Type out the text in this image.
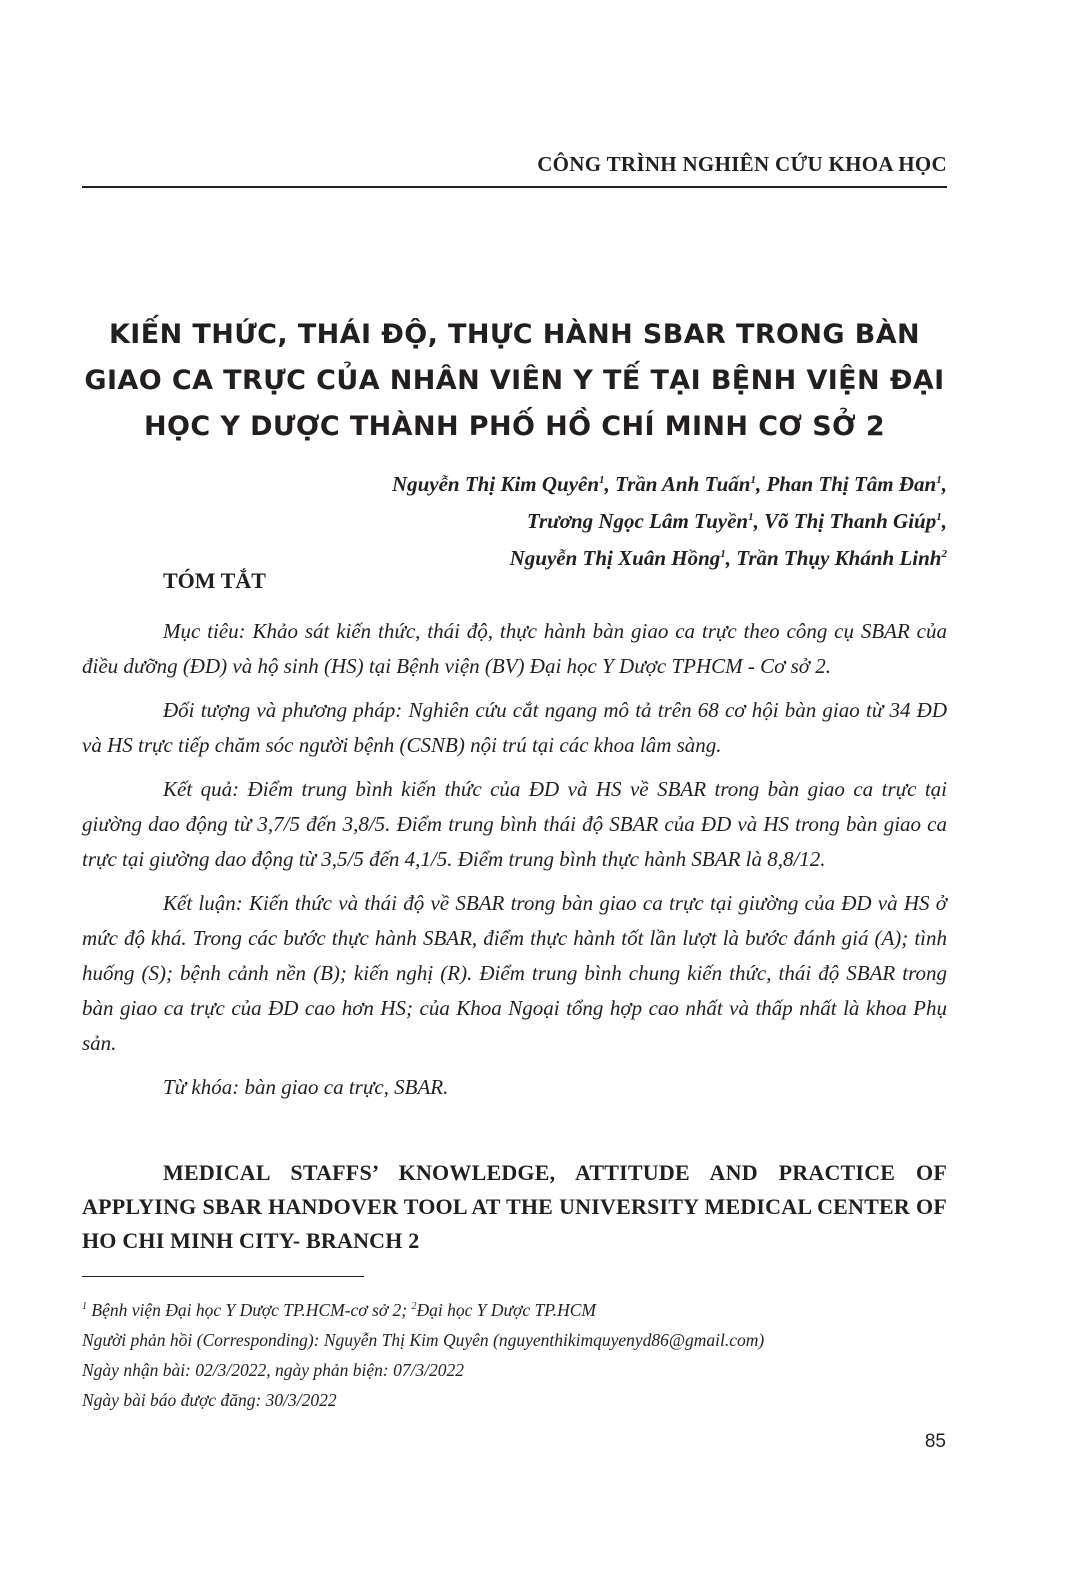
CÔNG TRÌNH NGHIÊN CỨU KHOA HỌC
KIẾN THỨC, THÁI ĐỘ, THỰC HÀNH SBAR TRONG BÀN
GIAO CA TRỰC CỦA NHÂN VIÊN Y TẾ TẠI BỆNH VIỆN ĐẠI
HỌC Y DƯỢC THÀNH PHỐ HỒ CHÍ MINH CƠ SỞ 2
Nguyễn Thị Kim Quyên$^1$, Trần Anh Tuấn$^1$, Phan Thị Tâm Đan$^1$,
Trương Ngọc Lâm Tuyền$^1$, Võ Thị Thanh Giúp$^1$,
Nguyễn Thị Xuân Hồng$^1$, Trần Thụy Khánh Linh$^2$
TÓM TẮT

Mục tiêu: Khảo sát kiến thức, thái độ, thực hành bàn giao ca trực theo công cụ SBAR của điều dưỡng (ĐD) và hộ sinh (HS) tại Bệnh viện (BV) Đại học Y Dược TPHCM - Cơ sở 2.

Đối tượng và phương pháp: Nghiên cứu cắt ngang mô tả trên 68 cơ hội bàn giao từ 34 ĐD và HS trực tiếp chăm sóc người bệnh (CSNB) nội trú tại các khoa lâm sàng.

Kết quả: Điểm trung bình kiến thức của ĐD và HS về SBAR trong bàn giao ca trực tại giường dao động từ 3,7/5 đến 3,8/5. Điểm trung bình thái độ SBAR của ĐD và HS trong bàn giao ca trực tại giường dao động từ 3,5/5 đến 4,1/5. Điểm trung bình thực hành SBAR là 8,8/12.

Kết luận: Kiến thức và thái độ về SBAR trong bàn giao ca trực tại giường của ĐD và HS ở mức độ khá. Trong các bước thực hành SBAR, điểm thực hành tốt lần lượt là bước đánh giá (A); tình huống (S); bệnh cảnh nền (B); kiến nghị (R). Điểm trung bình chung kiến thức, thái độ SBAR trong bàn giao ca trực của ĐD cao hơn HS; của Khoa Ngoại tổng hợp cao nhất và thấp nhất là khoa Phụ sản.

Từ khóa: bàn giao ca trực, SBAR.

MEDICAL STAFFS’ KNOWLEDGE, ATTITUDE AND PRACTICE OF APPLYING SBAR HANDOVER TOOL AT THE UNIVERSITY MEDICAL CENTER OF HO CHI MINH CITY- BRANCH 2
$^1$ Bệnh viện Đại học Y Dược TP.HCM-cơ sở 2; $^2$Đại học Y Dược TP.HCM
Người phản hồi (Corresponding): Nguyễn Thị Kim Quyên (nguyenthikimquyenyd86@gmail.com)
Ngày nhận bài: 02/3/2022, ngày phản biện: 07/3/2022
Ngày bài báo được đăng: 30/3/2022
85
